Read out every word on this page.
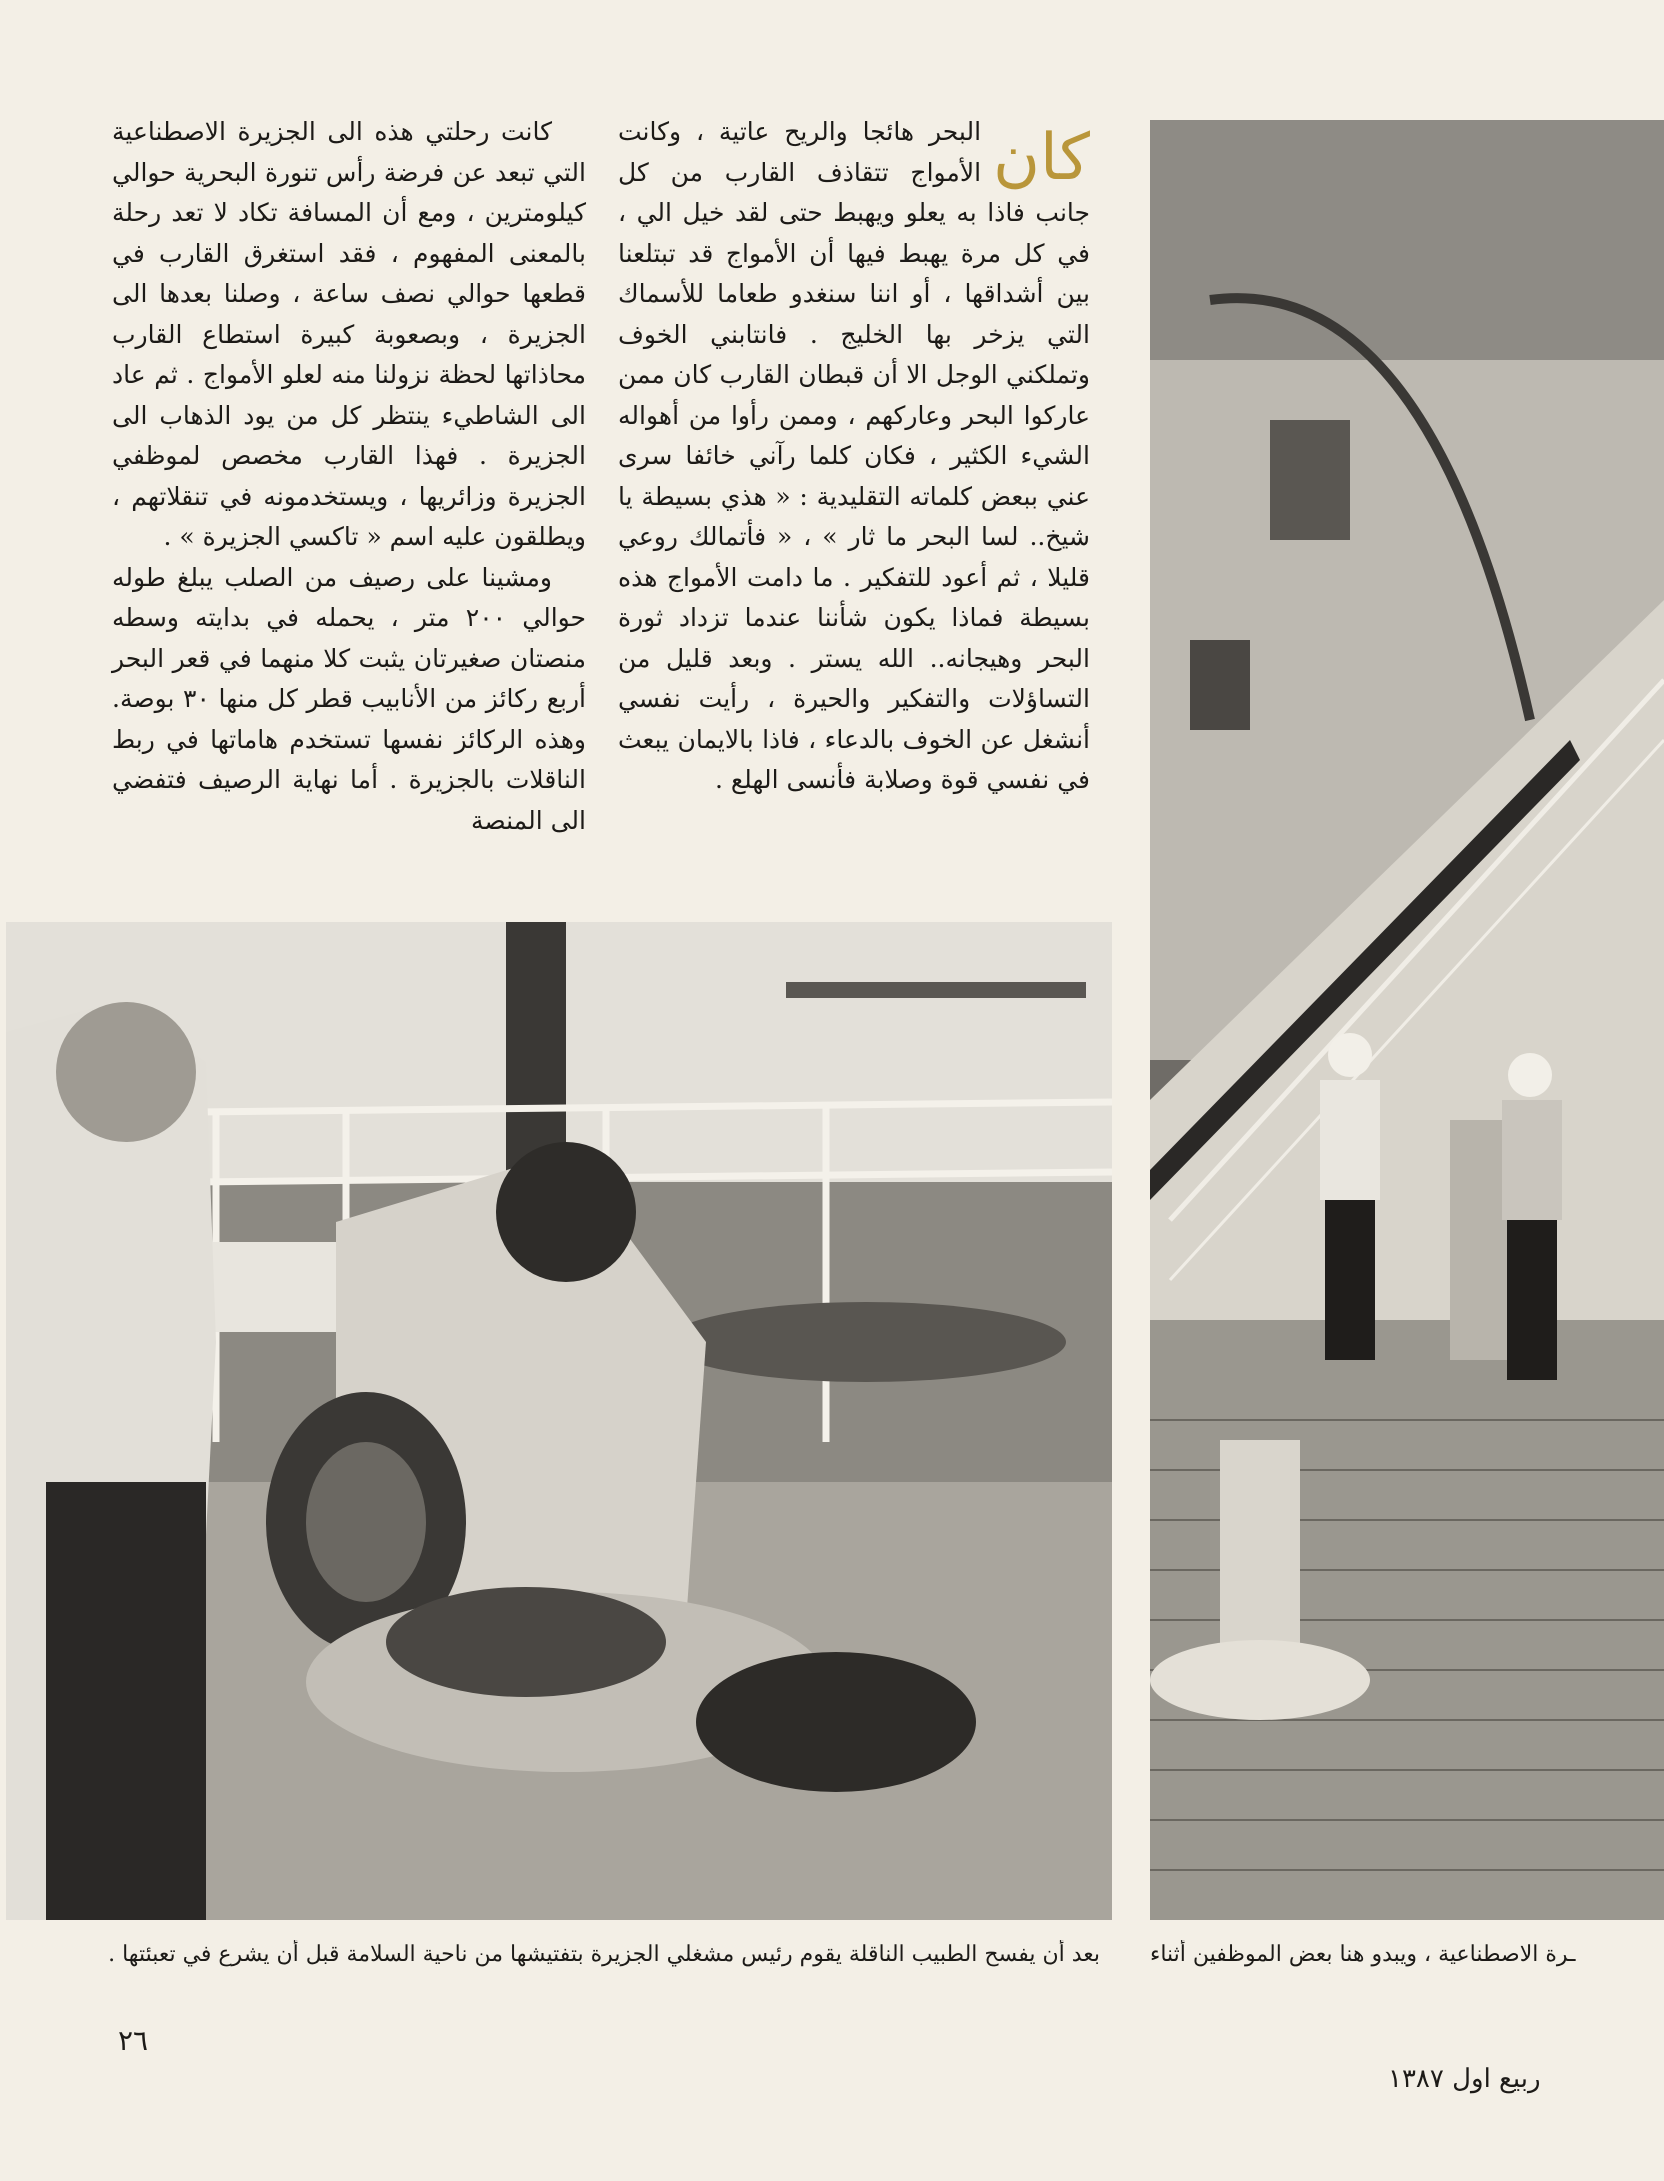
كان

البحر هائجا والريح عاتية ، وكانت الأمواج تتقاذف القارب من كل جانب فاذا به يعلو ويهبط حتى لقد خيل الي ، في كل مرة يهبط فيها أن الأمواج قد تبتلعنا بين أشداقها ، أو اننا سنغدو طعاما للأسماك التي يزخر بها الخليج . فانتابني الخوف وتملكني الوجل الا أن قبطان القارب كان ممن عاركوا البحر وعاركهم ، وممن رأوا من أهواله الشيء الكثير ، فكان كلما رآني خائفا سرى عني ببعض كلماته التقليدية : « هذي بسيطة يا شيخ.. لسا البحر ما ثار » ، « فأتمالك روعي قليلا ، ثم أعود للتفكير . ما دامت الأمواج هذه بسيطة فماذا يكون شأننا عندما تزداد ثورة البحر وهيجانه.. الله يستر . وبعد قليل من التساؤلات والتفكير والحيرة ، رأيت نفسي أنشغل عن الخوف بالدعاء ، فاذا بالايمان يبعث في نفسي قوة وصلابة فأنسى الهلع .

كانت رحلتي هذه الى الجزيرة الاصطناعية التي تبعد عن فرضة رأس تنورة البحرية حوالي كيلومترين ، ومع أن المسافة تكاد لا تعد رحلة بالمعنى المفهوم ، فقد استغرق القارب في قطعها حوالي نصف ساعة ، وصلنا بعدها الى الجزيرة ، وبصعوبة كبيرة استطاع القارب محاذاتها لحظة نزولنا منه لعلو الأمواج . ثم عاد الى الشاطيء ينتظر كل من يود الذهاب الى الجزيرة . فهذا القارب مخصص لموظفي الجزيرة وزائريها ، ويستخدمونه في تنقلاتهم ، ويطلقون عليه اسم « تاكسي الجزيرة » .

ومشينا على رصيف من الصلب يبلغ طوله حوالي ٢٠٠ متر ، يحمله في بدايته وسطه منصتان صغيرتان يثبت كلا منهما في قعر البحر أربع ركائز من الأنابيب قطر كل منها ٣٠ بوصة. وهذه الركائز نفسها تستخدم هاماتها في ربط الناقلات بالجزيرة . أما نهاية الرصيف فتفضي الى المنصة

بعد أن يفسح الطبيب الناقلة يقوم رئيس مشغلي الجزيرة بتفتيشها من ناحية السلامة قبل أن يشرع في تعبئتها . ـرة الاصطناعية ، ويبدو هنا بعض الموظفين أثناء
٢٦
ربيع اول ١٣٨٧
